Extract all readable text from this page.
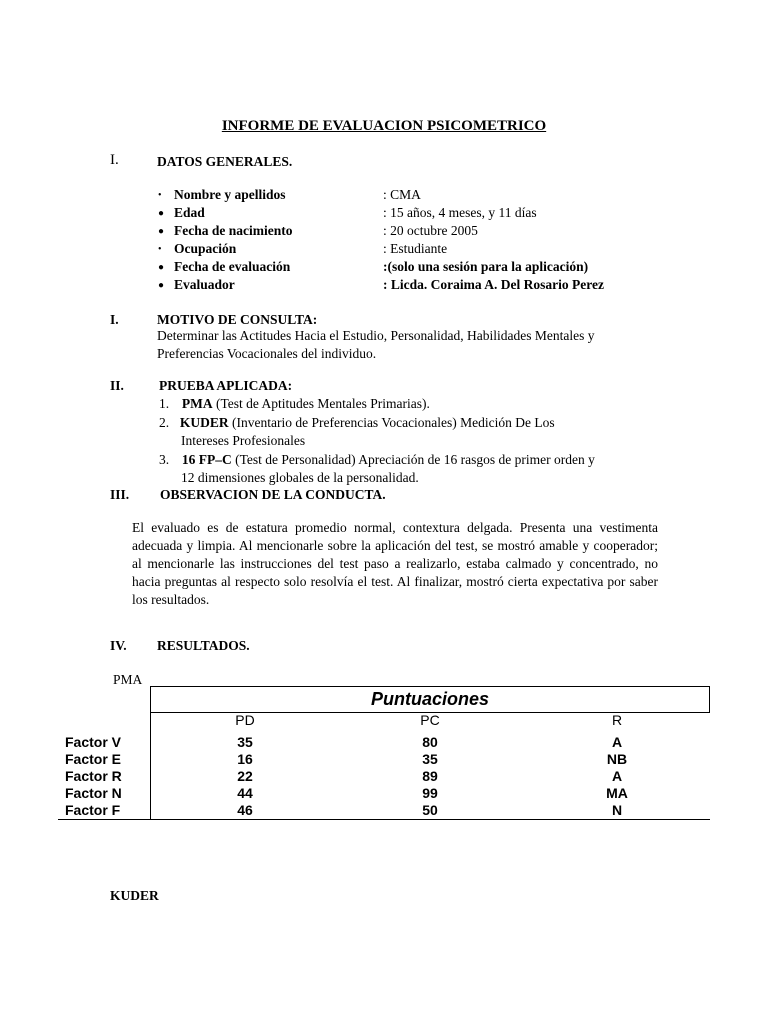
INFORME DE EVALUACION PSICOMETRICO
I.	DATOS GENERALES.
• Nombre y apellidos	: CMA
● Edad	: 15 años, 4 meses, y 11 días
● Fecha de nacimiento	: 20 octubre 2005
• Ocupación	: Estudiante
● Fecha de evaluación	:(solo una sesión para la aplicación)
● Evaluador	: Licda. Coraima A. Del Rosario Perez
I.	MOTIVO DE CONSULTA:
Determinar las Actitudes Hacia el Estudio, Personalidad, Habilidades Mentales y
Preferencias Vocacionales del individuo.
II.	PRUEBA APLICADA:
1. PMA (Test de Aptitudes Mentales Primarias).
2. KUDER (Inventario de Preferencias Vocacionales) Medición De Los
Intereses Profesionales
3. 16 FP–C (Test de Personalidad) Apreciación de 16 rasgos de primer orden y
12 dimensiones globales de la personalidad.
III. OBSERVACION DE LA CONDUCTA.
El evaluado es de estatura promedio normal, contextura delgada. Presenta una vestimenta adecuada y limpia. Al mencionarle sobre la aplicación del test, se mostró amable y cooperador; al mencionarle las instrucciones del test paso a realizarlo, estaba calmado y concentrado, no hacia preguntas al respecto solo resolvía el test. Al finalizar, mostró cierta expectativa por saber los resultados.
IV. RESULTADOS.
PMA
Puntuaciones
PD	PC	R
Factor V	35	80	A
Factor E	16	35	NB
Factor R	22	89	A
Factor N	44	99	MA
Factor F	46	50	N
KUDER
